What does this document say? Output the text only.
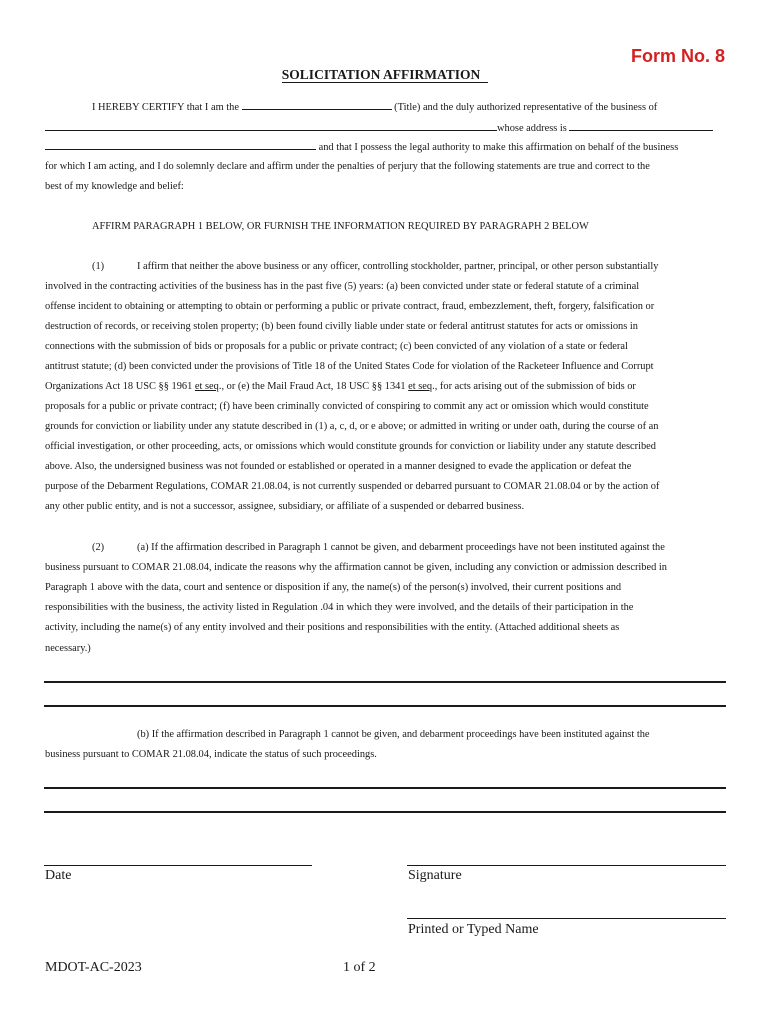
Form No. 8
SOLICITATION AFFIRMATION
I HEREBY CERTIFY that I am the	(Title) and the duly authorized representative of the business of
whose address is
and that I possess the legal authority to make this affirmation on behalf of the business
for which I am acting, and I do solemnly declare and affirm under the penalties of perjury that the following statements are true and correct to the
best of my knowledge and belief:
AFFIRM PARAGRAPH 1 BELOW, OR FURNISH THE INFORMATION REQUIRED BY PARAGRAPH 2 BELOW
(1)	I affirm that neither the above business or any officer, controlling stockholder, partner, principal, or other person substantially
involved in the contracting activities of the business has in the past five (5) years: (a) been convicted under state or federal statute of a criminal
offense incident to obtaining or attempting to obtain or performing a public or private contract, fraud, embezzlement, theft, forgery, falsification or
destruction of records, or receiving stolen property; (b) been found civilly liable under state or federal antitrust statutes for acts or omissions in
connections with the submission of bids or proposals for a public or private contract; (c) been convicted of any violation of a state or federal
antitrust statute; (d) been convicted under the provisions of Title 18 of the United States Code for violation of the Racketeer Influence and Corrupt
Organizations Act 18 USC §§ 1961 et seq., or (e) the Mail Fraud Act, 18 USC §§ 1341 et seq., for acts arising out of the submission of bids or
proposals for a public or private contract; (f) have been criminally convicted of conspiring to commit any act or omission which would constitute
grounds for conviction or liability under any statute described in (1) a, c, d, or e above; or admitted in writing or under oath, during the course of an
official investigation, or other proceeding, acts, or omissions which would constitute grounds for conviction or liability under any statute described
above. Also, the undersigned business was not founded or established or operated in a manner designed to evade the application or defeat the
purpose of the Debarment Regulations, COMAR 21.08.04, is not currently suspended or debarred pursuant to COMAR 21.08.04 or by the action of
any other public entity, and is not a successor, assignee, subsidiary, or affiliate of a suspended or debarred business.
(2)	(a) If the affirmation described in Paragraph 1 cannot be given, and debarment proceedings have not been instituted against the
business pursuant to COMAR 21.08.04, indicate the reasons why the affirmation cannot be given, including any conviction or admission described in
Paragraph 1 above with the data, court and sentence or disposition if any, the name(s) of the person(s) involved, their current positions and
responsibilities with the business, the activity listed in Regulation .04 in which they were involved, and the details of their participation in the
activity, including the name(s) of any entity involved and their positions and responsibilities with the entity. (Attached additional sheets as
necessary.)
(b) If the affirmation described in Paragraph 1 cannot be given, and debarment proceedings have been instituted against the
business pursuant to COMAR 21.08.04, indicate the status of such proceedings.
Date	Signature
Printed or Typed Name
MDOT-AC-2023	1 of 2
